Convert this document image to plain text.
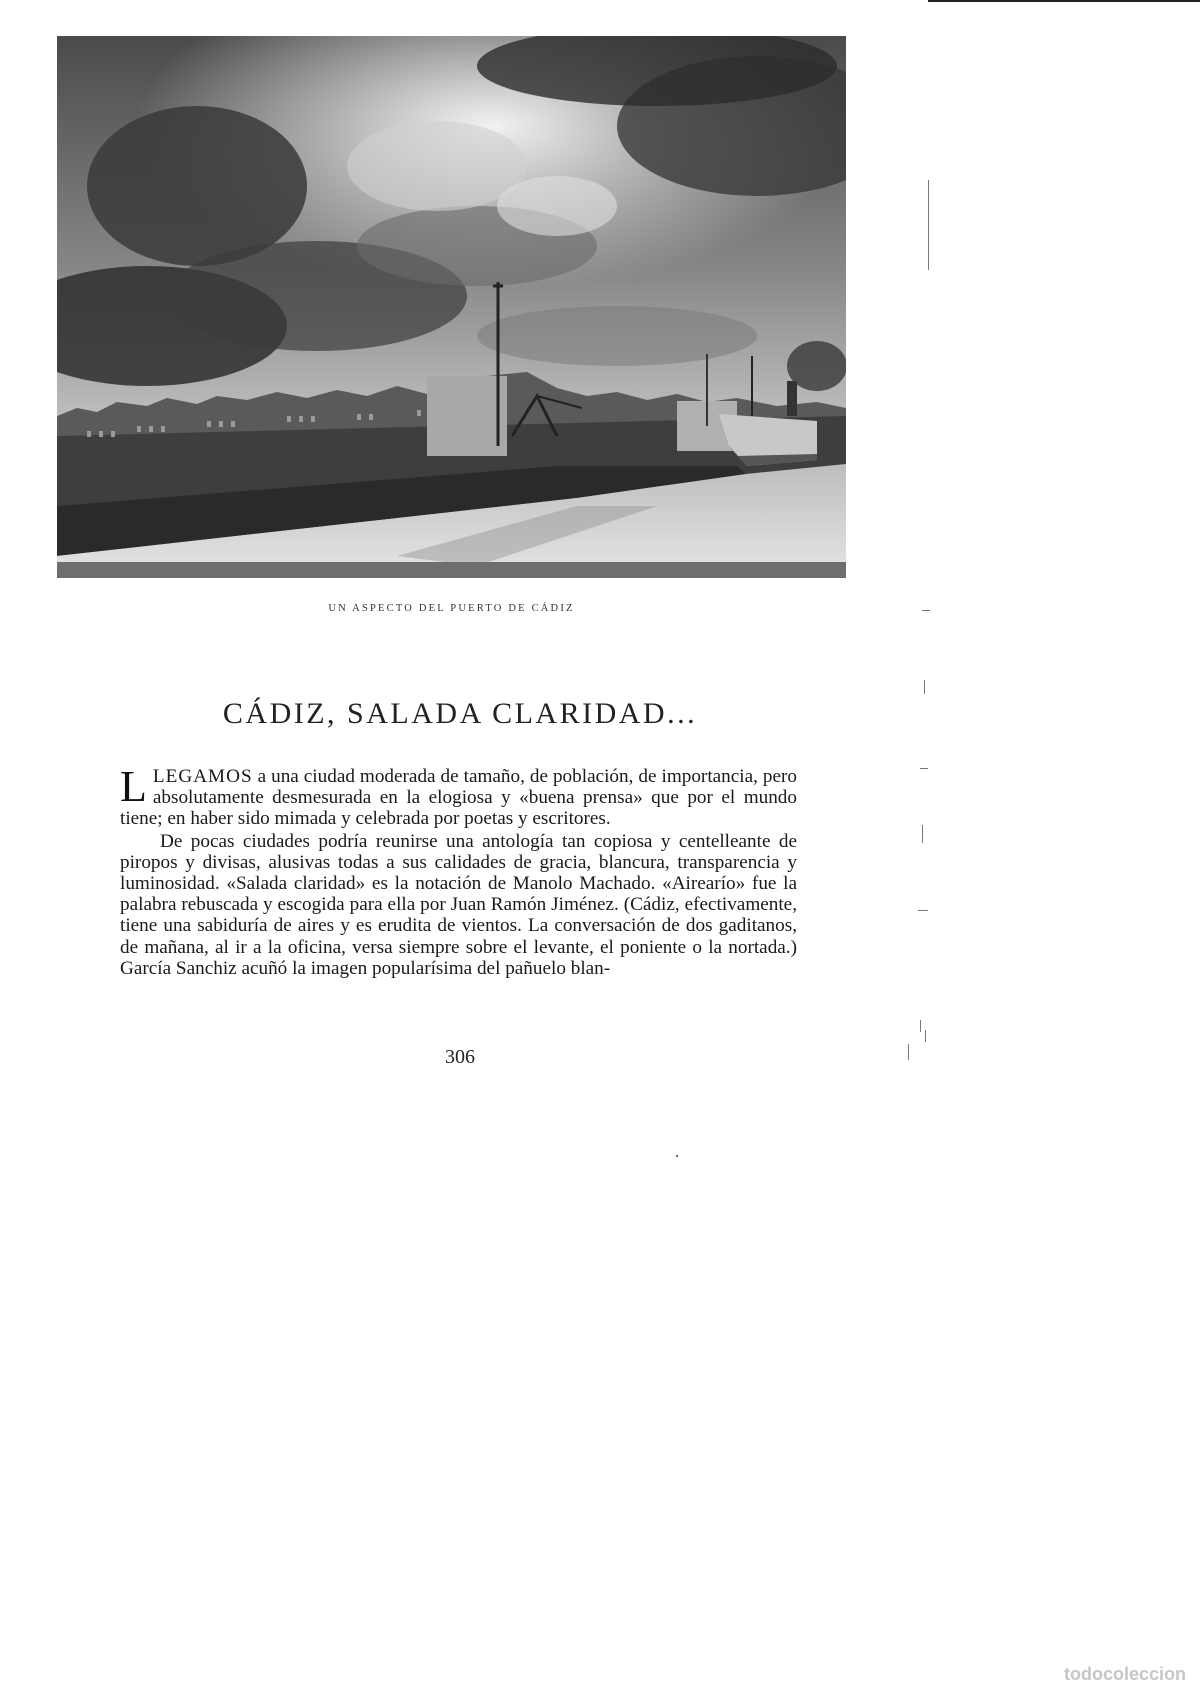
UN ASPECTO DEL PUERTO DE CÁDIZ
CÁDIZ, SALADA CLARIDAD...

LLEGAMOS a una ciudad moderada de tamaño, de población, de importancia, pero absolutamente desmesurada en la elogiosa y «buena prensa» que por el mundo tiene; en haber sido mimada y celebrada por poetas y escritores.

De pocas ciudades podría reunirse una antología tan copiosa y centelleante de piropos y divisas, alusivas todas a sus calidades de gracia, blancura, transparencia y luminosidad. «Salada claridad» es la notación de Manolo Machado. «Airearío» fue la palabra rebuscada y escogida para ella por Juan Ramón Jiménez. (Cádiz, efectivamente, tiene una sabiduría de aires y es erudita de vientos. La conversación de dos gaditanos, de mañana, al ir a la oficina, versa siempre sobre el levante, el poniente o la nortada.) García Sanchiz acuñó la imagen popularísima del pañuelo blan-

306
todocoleccion
